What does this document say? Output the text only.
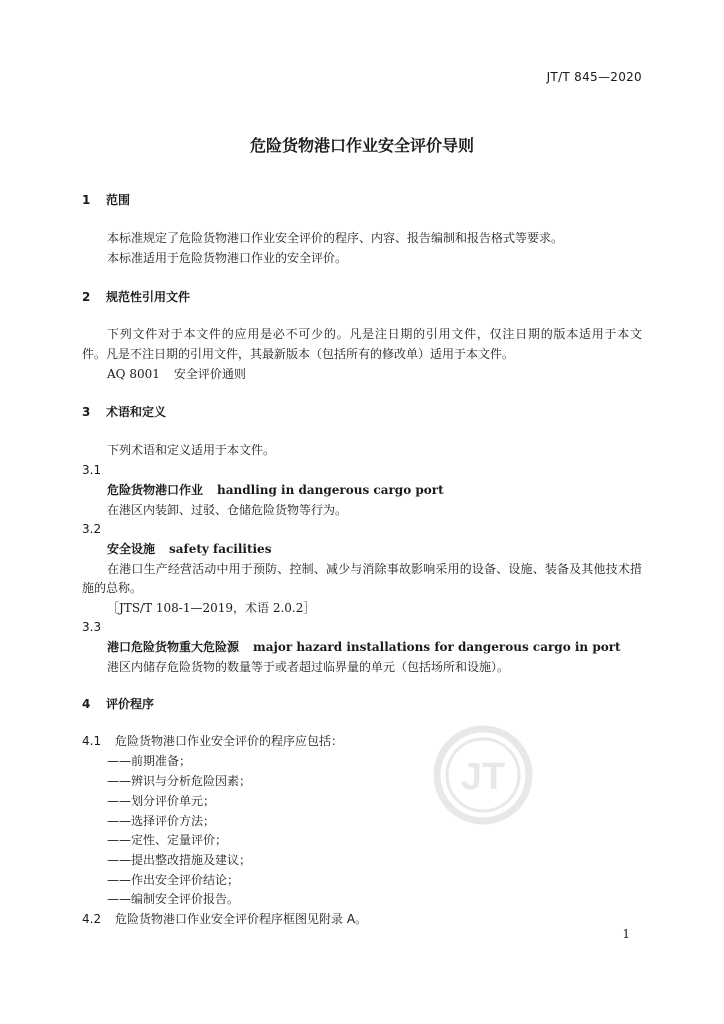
JT/T 845—2020
危险货物港口作业安全评价导则
1 范围
本标准规定了危险货物港口作业安全评价的程序、内容、报告编制和报告格式等要求。
本标准适用于危险货物港口作业的安全评价。
2 规范性引用文件
下列文件对于本文件的应用是必不可少的。凡是注日期的引用文件，仅注日期的版本适用于本文
件。凡是不注日期的引用文件，其最新版本（包括所有的修改单）适用于本文件。
AQ 8001 安全评价通则
3 术语和定义
下列术语和定义适用于本文件。
3.1
危险货物港口作业 handling in dangerous cargo port
在港区内装卸、过驳、仓储危险货物等行为。
3.2
安全设施 safety facilities
在港口生产经营活动中用于预防、控制、减少与消除事故影响采用的设备、设施、装备及其他技术措
施的总称。
［JTS/T 108-1—2019，术语 2.0.2］
3.3
港口危险货物重大危险源 major hazard installations for dangerous cargo in port
港区内储存危险货物的数量等于或者超过临界量的单元（包括场所和设施）。
4 评价程序
4.1 危险货物港口作业安全评价的程序应包括：
——前期准备；
——辨识与分析危险因素；
——划分评价单元；
——选择评价方法；
——定性、定量评价；
——提出整改措施及建议；
——作出安全评价结论；
——编制安全评价报告。
4.2 危险货物港口作业安全评价程序框图见附录 A。
1
JT
